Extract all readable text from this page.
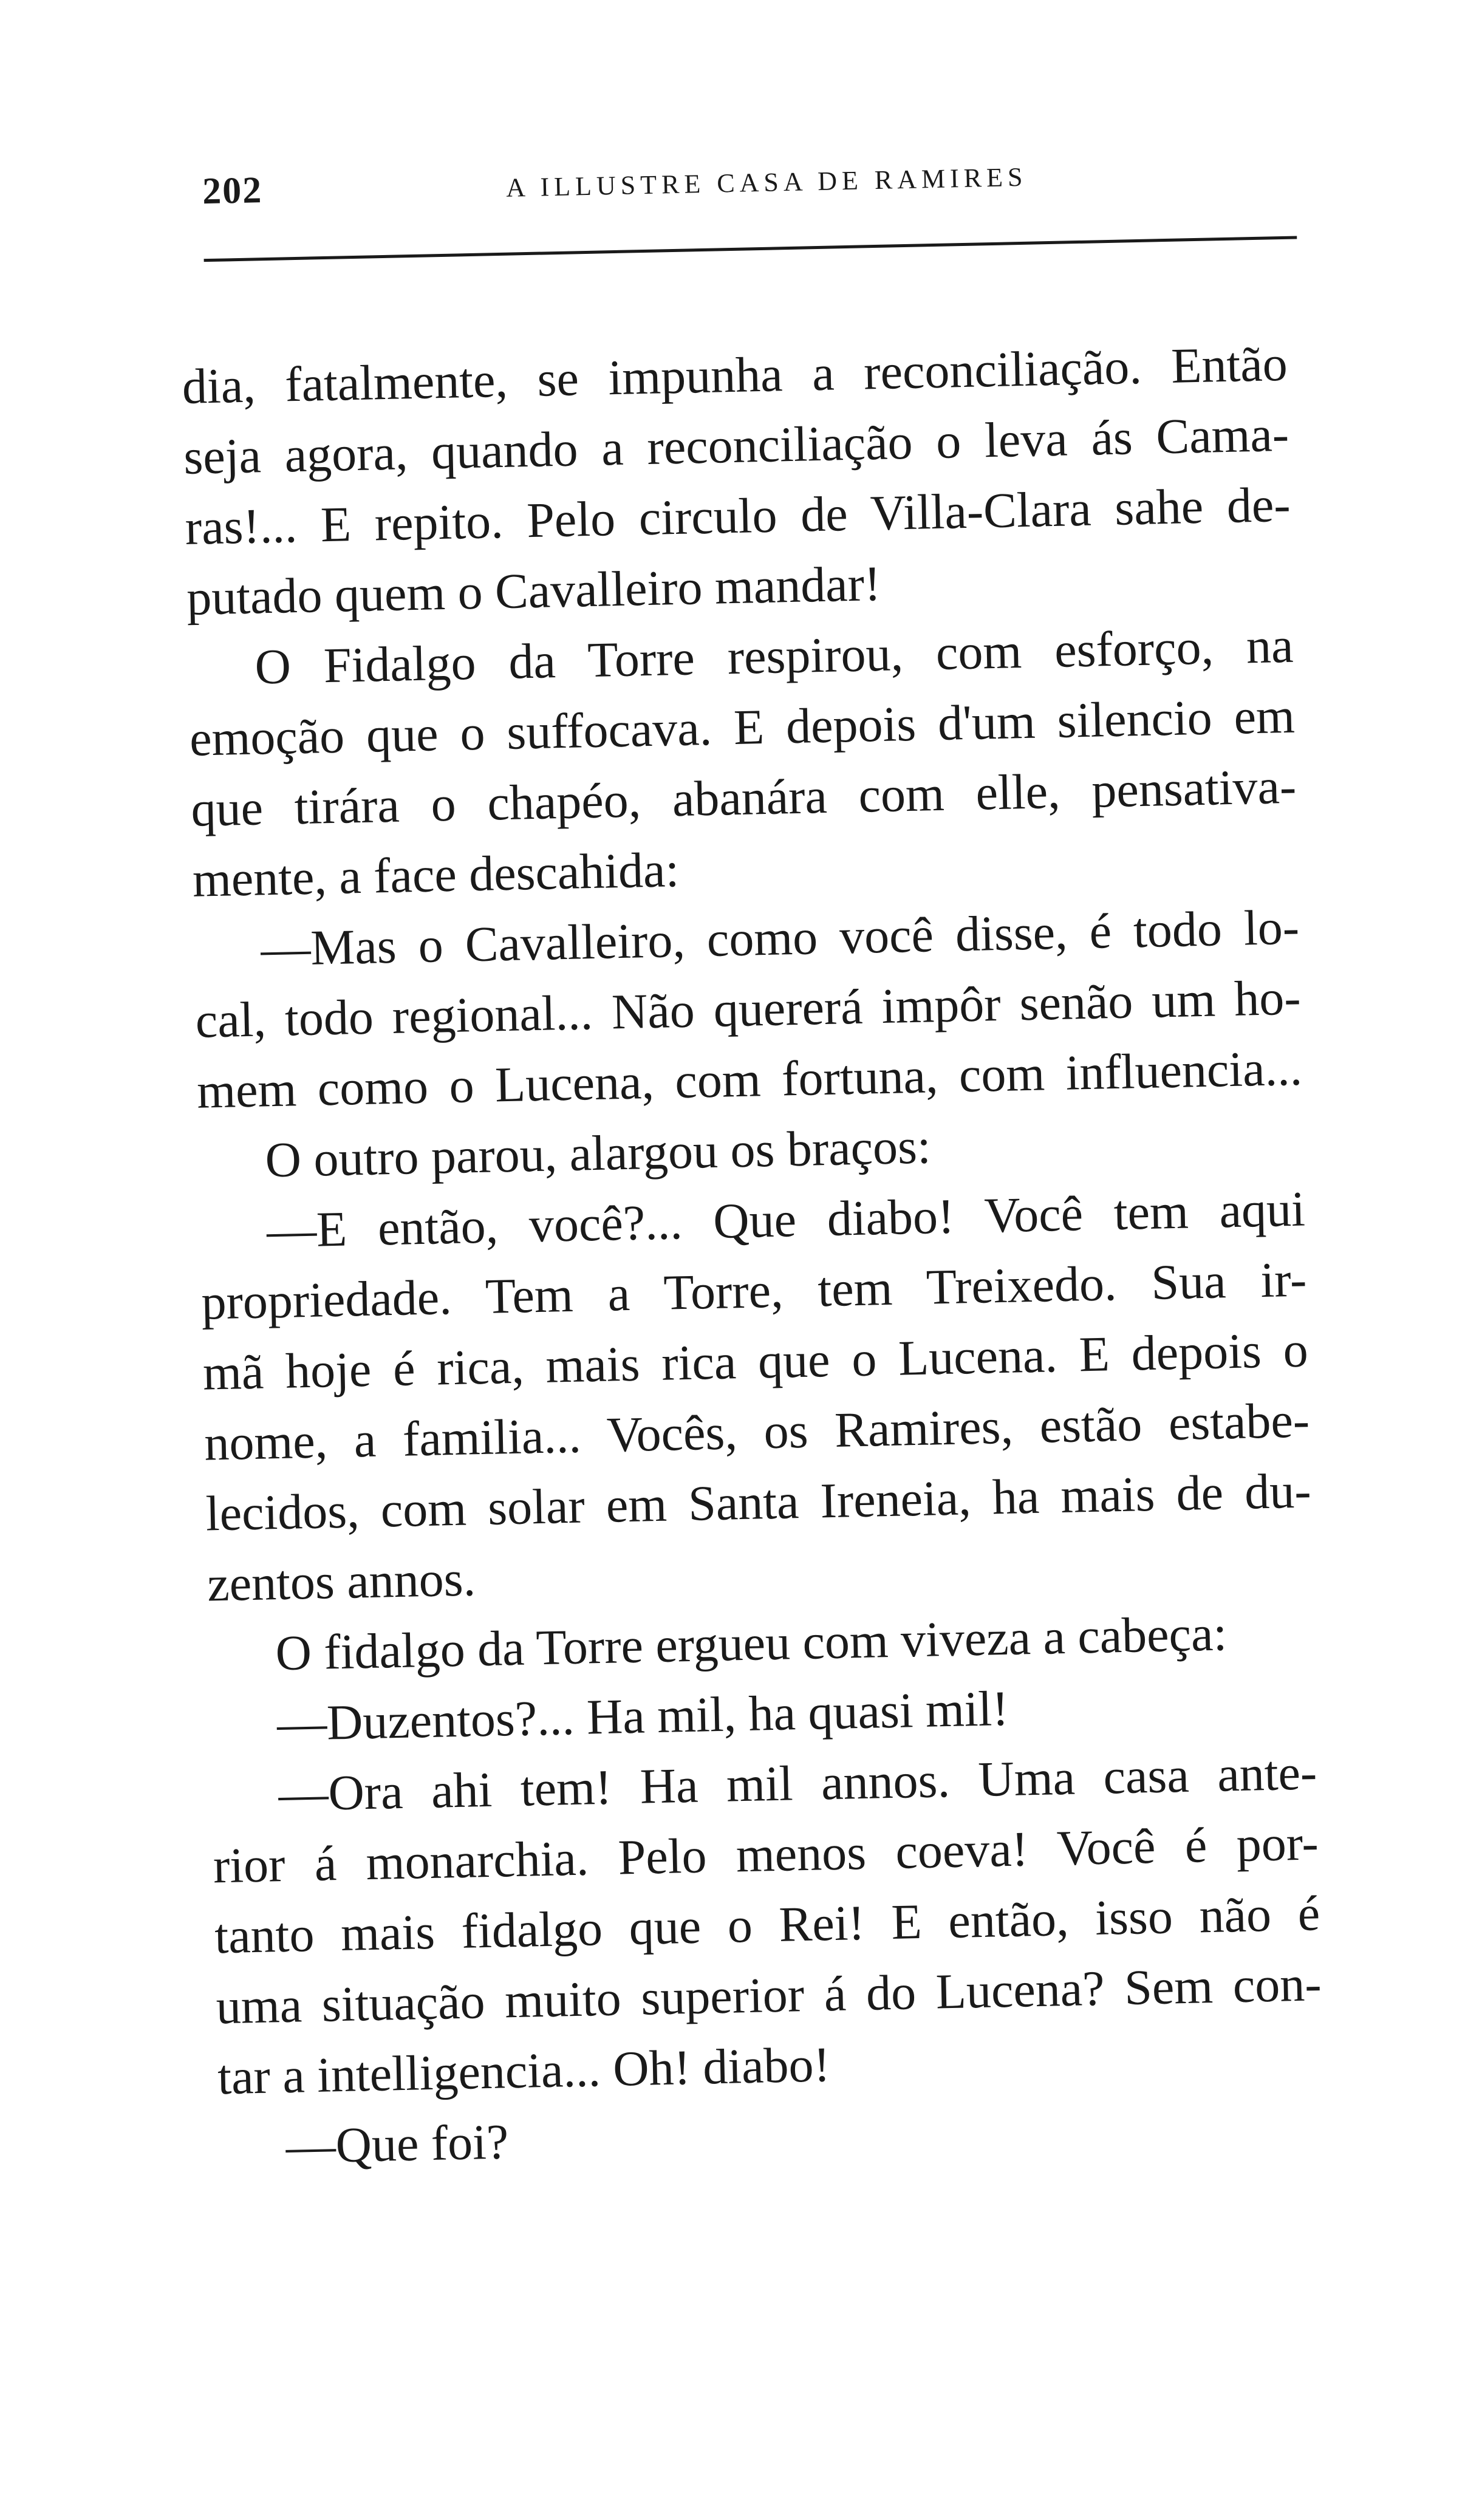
202	A ILLUSTRE CASA DE RAMIRES
dia, fatalmente, se impunha a reconciliação. Então
seja agora, quando a reconciliação o leva ás Cama-
ras!... E repito. Pelo circulo de Villa-Clara sahe de-
putado quem o Cavalleiro mandar!
O Fidalgo da Torre respirou, com esforço, na
emoção que o suffocava. E depois d'um silencio em
que tirára o chapéo, abanára com elle, pensativa-
mente, a face descahida:
—Mas o Cavalleiro, como você disse, é todo lo-
cal, todo regional... Não quererá impôr senão um ho-
mem como o Lucena, com fortuna, com influencia...
O outro parou, alargou os braços:
—E então, você?... Que diabo! Você tem aqui
propriedade. Tem a Torre, tem Treixedo. Sua ir-
mã hoje é rica, mais rica que o Lucena. E depois o
nome, a familia... Vocês, os Ramires, estão estabe-
lecidos, com solar em Santa Ireneia, ha mais de du-
zentos annos.
O fidalgo da Torre ergueu com viveza a cabeça:
—Duzentos?... Ha mil, ha quasi mil!
—Ora ahi tem! Ha mil annos. Uma casa ante-
rior á monarchia. Pelo menos coeva! Você é por-
tanto mais fidalgo que o Rei! E então, isso não é
uma situação muito superior á do Lucena? Sem con-
tar a intelligencia... Oh! diabo!
—Que foi?
